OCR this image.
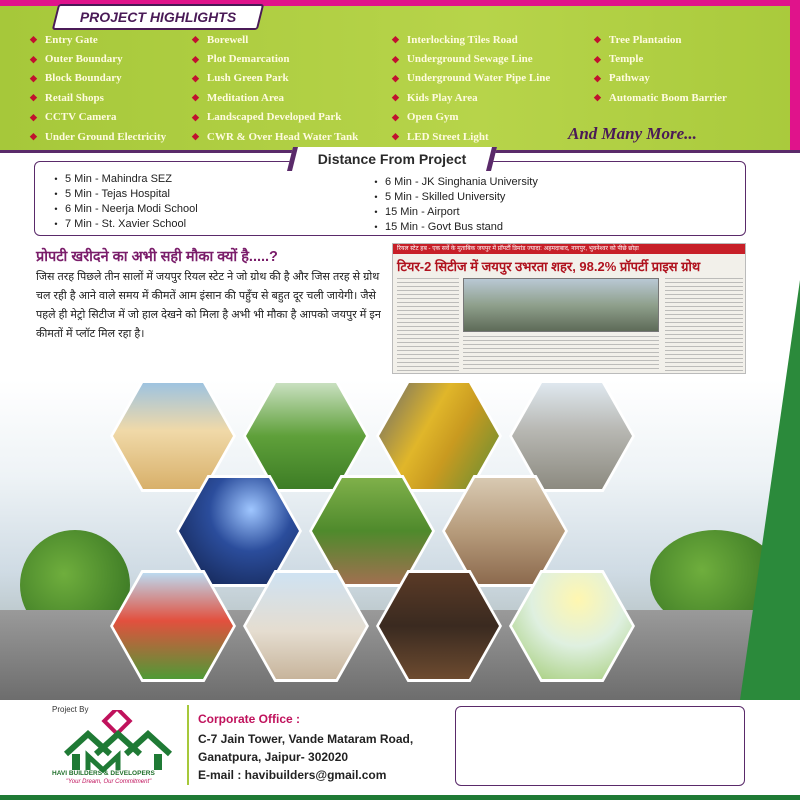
PROJECT HIGHLIGHTS
◆ Entry Gate
◆ Outer Boundary
◆ Block Boundary
◆ Retail Shops
◆ CCTV Camera
◆ Under Ground Electricity
◆ Borewell
◆ Plot Demarcation
◆ Lush Green Park
◆ Meditation Area
◆ Landscaped Developed Park
◆ CWR & Over Head Water Tank
◆ Interlocking Tiles Road
◆ Underground Sewage Line
◆ Underground Water Pipe Line
◆ Kids Play Area
◆ Open Gym
◆ LED Street Light
◆ Tree Plantation
◆ Temple
◆ Pathway
◆ Automatic Boom Barrier
And Many More...
• 5 Min - Mahindra SEZ
• 5 Min - Tejas Hospital
• 6 Min - Neerja Modi School
• 7 Min - St. Xavier School
• 6 Min - JK Singhania University
• 5 Min - Skilled University
• 15 Min - Airport
• 15 Min - Govt Bus stand
Distance From Project
प्रोपटी खरीदने का अभी सही मौका क्यों है.....?
जिस तरह पिछले तीन सालों में जयपुर रियल स्टेट ने जो ग्रोथ की है और जिस तरह से ग्रोथ चल रही है आने वाले समय में कीमतें आम इंसान की पहुँच से बहुत दूर चली जायेगी। जैसे पहले ही मेट्रो सिटीज में जो हाल देखने को मिला है अभी भी मौका है आपको जयपुर में इन कीमतों में प्लॉट मिल रहा है।
रियल स्टेट हब - एक सर्वे के मुताबिक जयपुर में प्रॉपर्टी डिमांड ज्यादा: अहमदाबाद, नागपुर, भुवनेश्वर को पीछे छोड़ा
टियर-2 सिटीज में जयपुर उभरता शहर, 98.2% प्रॉपर्टी प्राइस ग्रोथ
Project By
HAVI BUILDERS & DEVELOPERS
"Your Dream, Our Commitment"
Corporate Office :
C-7 Jain Tower, Vande Mataram Road,
Ganatpura, Jaipur- 302020
E-mail : havibuilders@gmail.com
